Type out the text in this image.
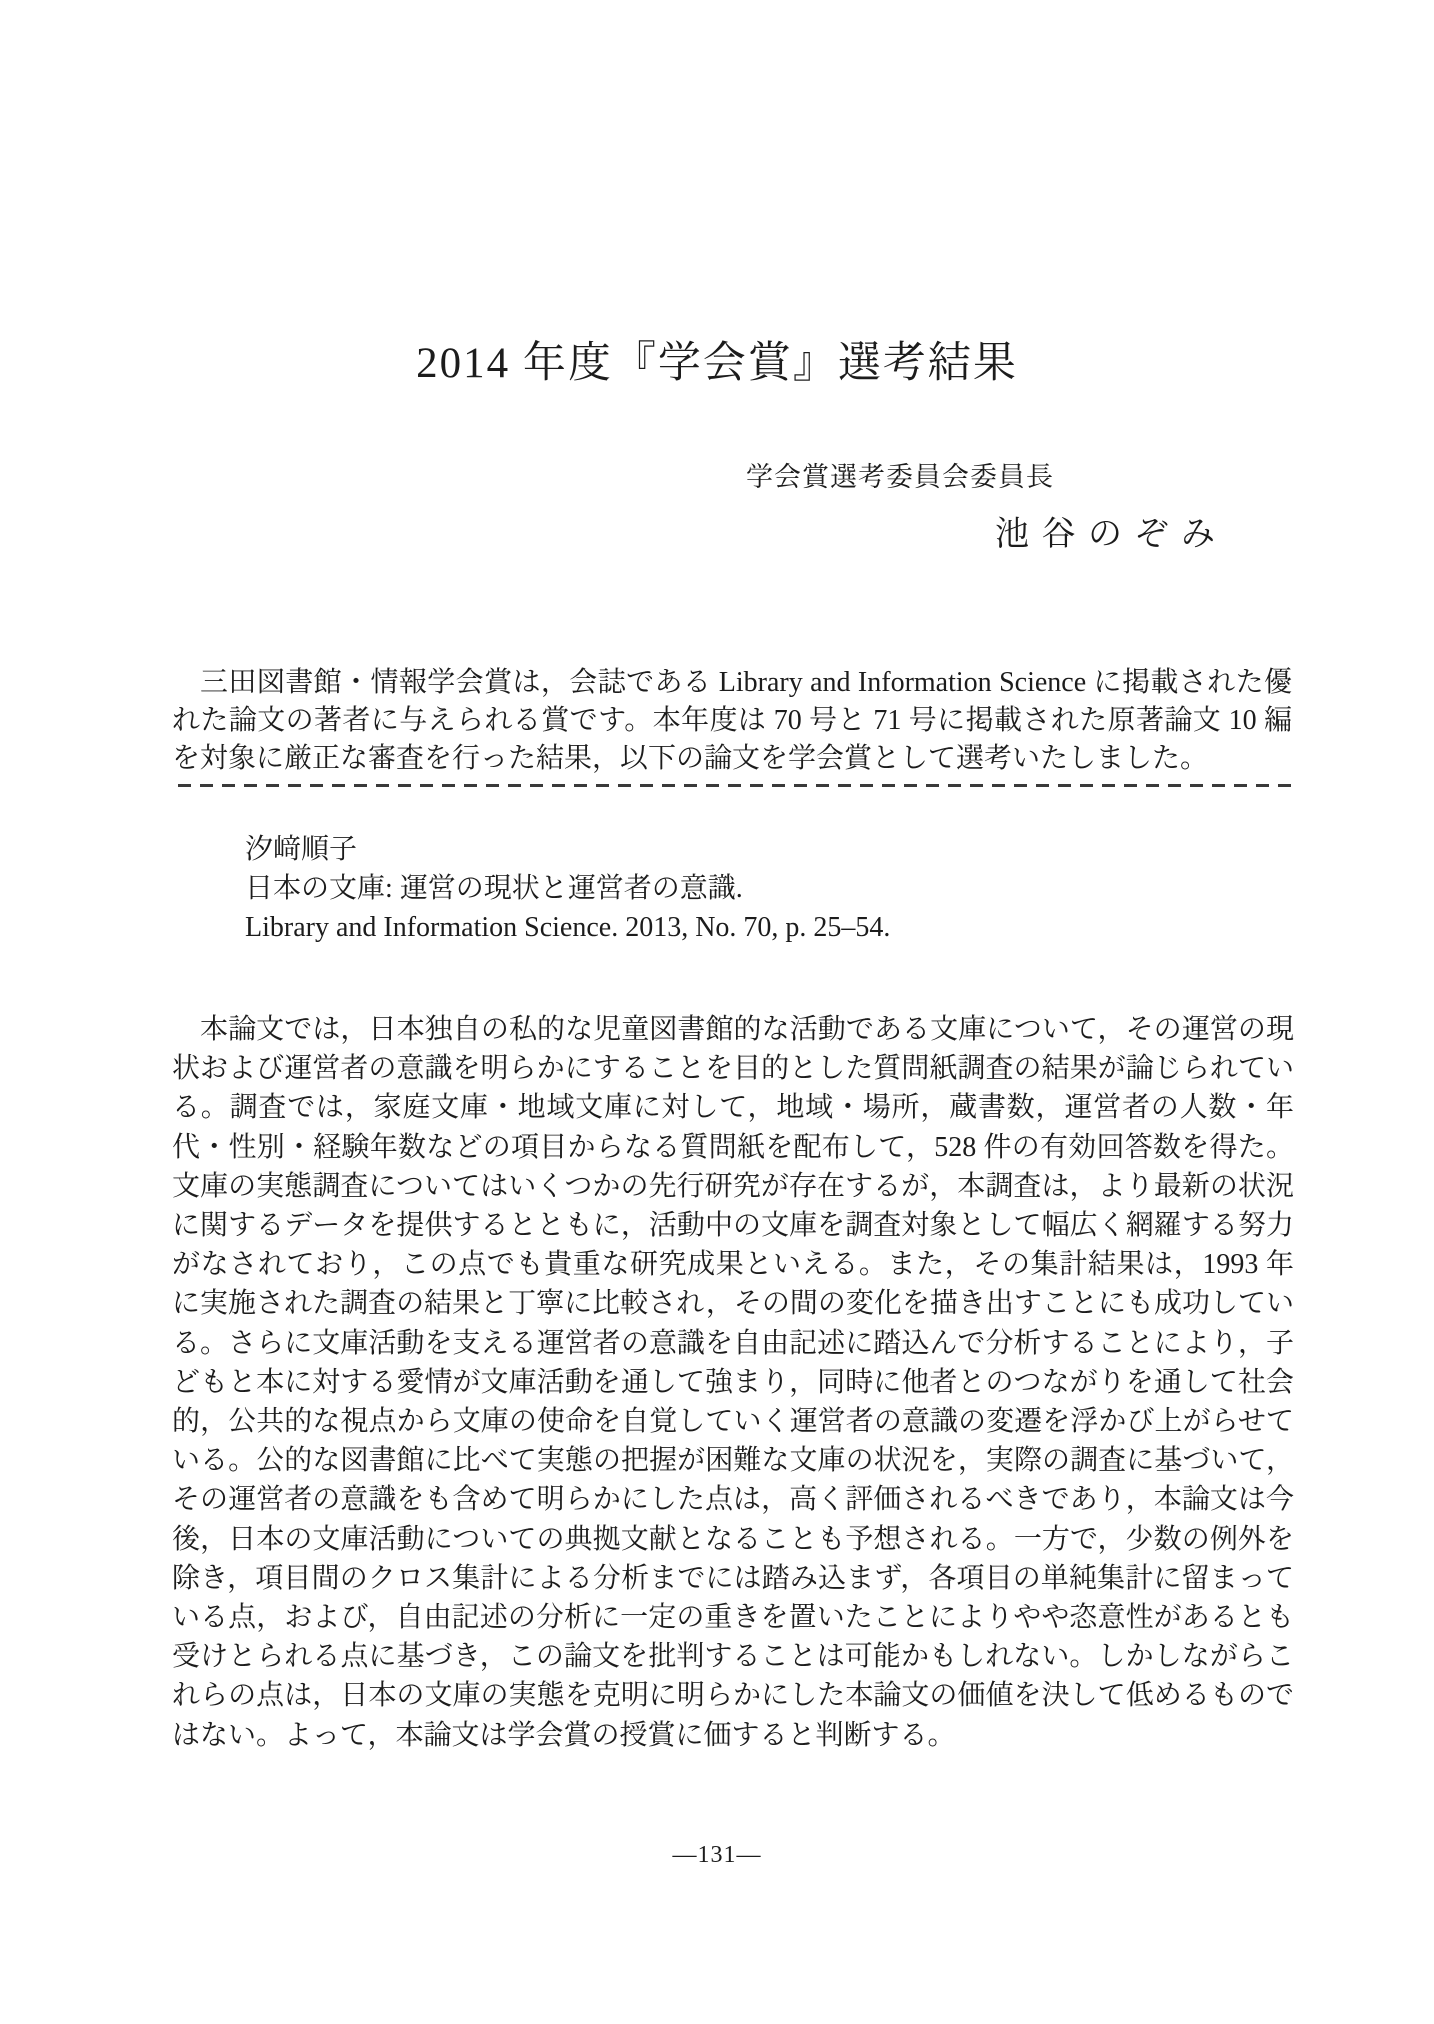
2014 年度『学会賞』選考結果
学会賞選考委員会委員長
池 谷 の ぞ み

三田図書館・情報学会賞は，会誌である Library and Information Science に掲載された優れた論文の著者に与えられる賞です。本年度は 70 号と 71 号に掲載された原著論文 10 編を対象に厳正な審査を行った結果，以下の論文を学会賞として選考いたしました。

汐﨑順子
日本の文庫: 運営の現状と運営者の意識.
Library and Information Science. 2013, No. 70, p. 25–54.

本論文では，日本独自の私的な児童図書館的な活動である文庫について，その運営の現状および運営者の意識を明らかにすることを目的とした質問紙調査の結果が論じられている。調査では，家庭文庫・地域文庫に対して，地域・場所，蔵書数，運営者の人数・年代・性別・経験年数などの項目からなる質問紙を配布して，528 件の有効回答数を得た。文庫の実態調査についてはいくつかの先行研究が存在するが，本調査は，より最新の状況に関するデータを提供するとともに，活動中の文庫を調査対象として幅広く網羅する努力がなされており，この点でも貴重な研究成果といえる。また，その集計結果は，1993 年に実施された調査の結果と丁寧に比較され，その間の変化を描き出すことにも成功している。さらに文庫活動を支える運営者の意識を自由記述に踏込んで分析することにより，子どもと本に対する愛情が文庫活動を通して強まり，同時に他者とのつながりを通して社会的，公共的な視点から文庫の使命を自覚していく運営者の意識の変遷を浮かび上がらせている。公的な図書館に比べて実態の把握が困難な文庫の状況を，実際の調査に基づいて，その運営者の意識をも含めて明らかにした点は，高く評価されるべきであり，本論文は今後，日本の文庫活動についての典拠文献となることも予想される。一方で，少数の例外を除き，項目間のクロス集計による分析までには踏み込まず，各項目の単純集計に留まっている点，および，自由記述の分析に一定の重きを置いたことによりやや恣意性があるとも受けとられる点に基づき，この論文を批判することは可能かもしれない。しかしながらこれらの点は，日本の文庫の実態を克明に明らかにした本論文の価値を決して低めるものではない。よって，本論文は学会賞の授賞に価すると判断する。

―131―
